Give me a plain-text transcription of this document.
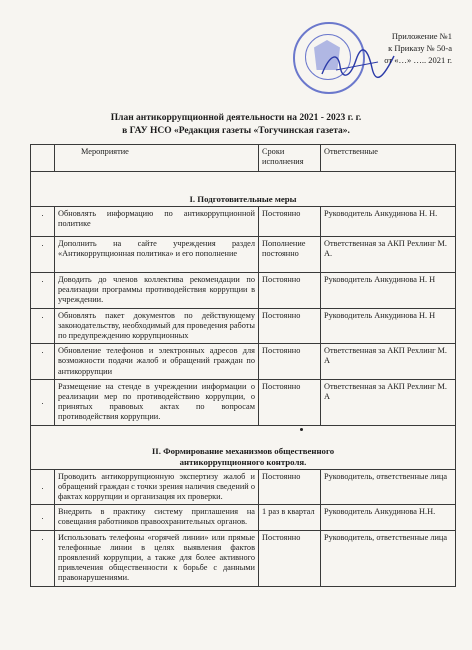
Приложение №1
к Приказу № 50-а
от «…» ….. 2021 г.
План антикоррупционной деятельности на 2021 - 2023 г. г.
в ГАУ НСО «Редакция газеты «Тогучинская газета».
	Мероприятие	Сроки исполнения	Ответственные

I. Подготовительные меры			

.	Обновлять информацию по антикоррупционной политике	Постоянно	Руководитель Анкудинова Н. Н.
.	Дополнить на сайте учреждения раздел «Антикоррупционная политика» и его пополнение	Пополнение постоянно	Ответственная за АКП Рехлинг М. А.
.	Доводить до членов коллектива рекомендации по реализации программы противодействия коррупции в учреждении.	Постоянно	Руководитель Анкудинова Н. Н
.	Обновлять пакет документов по действующему законодательству, необходимый для проведения работы по предупреждению коррупционных	Постоянно	Руководитель Анкудинова Н. Н
.	Обновление телефонов и электронных адресов для возможности подачи жалоб и обращений граждан по антикоррупции	Постоянно	Ответственная за АКП Рехлинг М. А
.	Размещение на стенде в учреждении информации о реализации мер по противодействию коррупции, о принятых правовых актах по вопросам противодействия коррупции.	Постоянно	Ответственная за АКП Рехлинг М. А

II. Формирование механизмов общественного
антикоррупционного контроля.			

.	Проводить антикоррупционную экспертизу жалоб и обращений граждан с точки зрения наличия сведений о фактах коррупции и организация их проверки.	Постоянно	Руководитель, ответственные лица
.	Внедрить в практику систему приглашения на совещания работников правоохранительных органов.	1 раз в квартал	Руководитель Анкудинова Н.Н.
.	Использовать телефоны «горячей линии» или прямые телефонные линии в целях выявления фактов проявлений коррупции, а также для более активного привлечения общественности к борьбе с данными правонарушениями.	Постоянно	Руководитель, ответственные лица
